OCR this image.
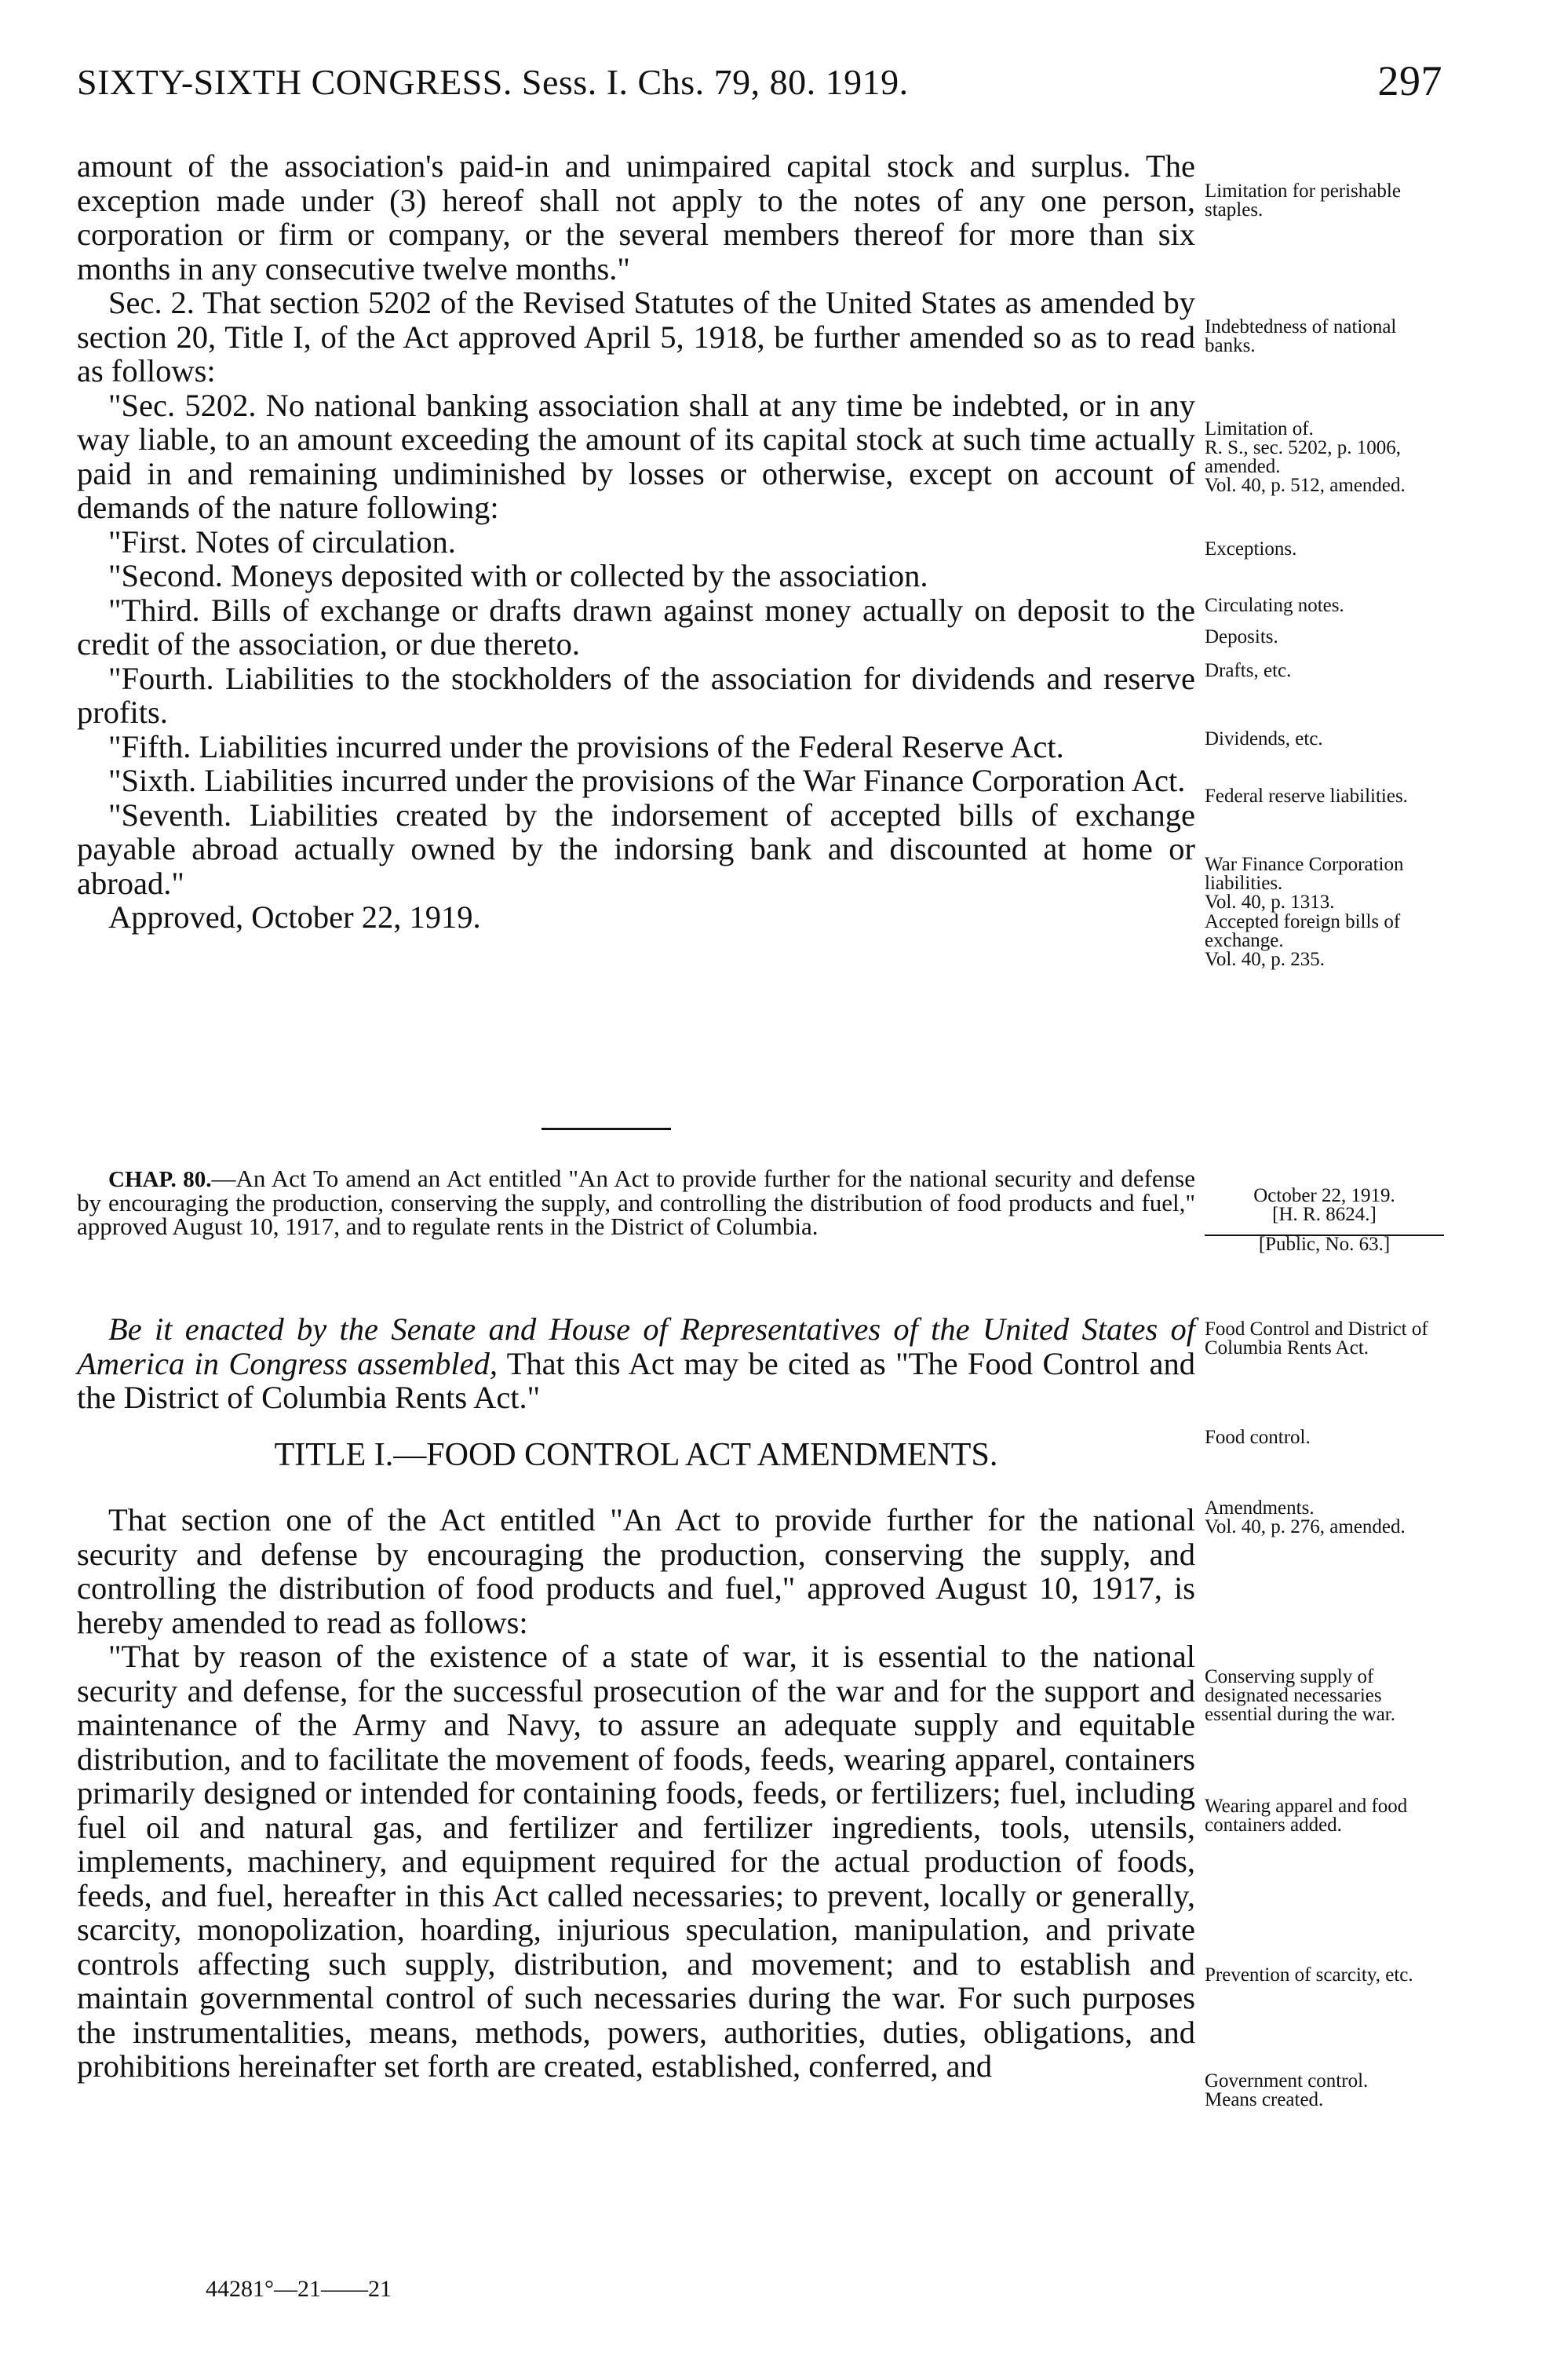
SIXTY-SIXTH CONGRESS. Sess. I. Chs. 79, 80. 1919.	297

amount of the association's paid-in and unimpaired capital stock and surplus. The exception made under (3) hereof shall not apply to the notes of any one person, corporation or firm or company, or the several members thereof for more than six months in any consecutive twelve months."

Sec. 2. That section 5202 of the Revised Statutes of the United States as amended by section 20, Title I, of the Act approved April 5, 1918, be further amended so as to read as follows:

"Sec. 5202. No national banking association shall at any time be indebted, or in any way liable, to an amount exceeding the amount of its capital stock at such time actually paid in and remaining undiminished by losses or otherwise, except on account of demands of the nature following:

"First. Notes of circulation.

"Second. Moneys deposited with or collected by the association.

"Third. Bills of exchange or drafts drawn against money actually on deposit to the credit of the association, or due thereto.

"Fourth. Liabilities to the stockholders of the association for dividends and reserve profits.

"Fifth. Liabilities incurred under the provisions of the Federal Reserve Act.

"Sixth. Liabilities incurred under the provisions of the War Finance Corporation Act.

"Seventh. Liabilities created by the indorsement of accepted bills of exchange payable abroad actually owned by the indorsing bank and discounted at home or abroad."

Approved, October 22, 1919.

CHAP. 80.—An Act To amend an Act entitled "An Act to provide further for the national security and defense by encouraging the production, conserving the supply, and controlling the distribution of food products and fuel," approved August 10, 1917, and to regulate rents in the District of Columbia.

Be it enacted by the Senate and House of Representatives of the United States of America in Congress assembled, That this Act may be cited as "The Food Control and the District of Columbia Rents Act."

TITLE I.—FOOD CONTROL ACT AMENDMENTS.

That section one of the Act entitled "An Act to provide further for the national security and defense by encouraging the production, conserving the supply, and controlling the distribution of food products and fuel," approved August 10, 1917, is hereby amended to read as follows:

"That by reason of the existence of a state of war, it is essential to the national security and defense, for the successful prosecution of the war and for the support and maintenance of the Army and Navy, to assure an adequate supply and equitable distribution, and to facilitate the movement of foods, feeds, wearing apparel, containers primarily designed or intended for containing foods, feeds, or fertilizers; fuel, including fuel oil and natural gas, and fertilizer and fertilizer ingredients, tools, utensils, implements, machinery, and equipment required for the actual production of foods, feeds, and fuel, hereafter in this Act called necessaries; to prevent, locally or generally, scarcity, monopolization, hoarding, injurious speculation, manipulation, and private controls affecting such supply, distribution, and movement; and to establish and maintain governmental control of such necessaries during the war. For such purposes the instrumentalities, means, methods, powers, authorities, duties, obligations, and prohibitions hereinafter set forth are created, established, conferred, and

44281°—21——21
Limitation for perishable staples.
Indebtedness of national banks.
Limitation of.
R. S., sec. 5202, p. 1006, amended.
Vol. 40, p. 512, amended.
Exceptions.
Circulating notes.
Deposits.
Drafts, etc.
Dividends, etc.
Federal reserve liabilities.
War Finance Corporation liabilities.
Vol. 40, p. 1313.
Accepted foreign bills of exchange.
Vol. 40, p. 235.
October 22, 1919.
[H. R. 8624.]
[Public, No. 63.]
Food Control and District of Columbia Rents Act.
Food control.
Amendments.
Vol. 40, p. 276, amended.
Conserving supply of designated necessaries essential during the war.
Wearing apparel and food containers added.
Prevention of scarcity, etc.
Government control.
Means created.
